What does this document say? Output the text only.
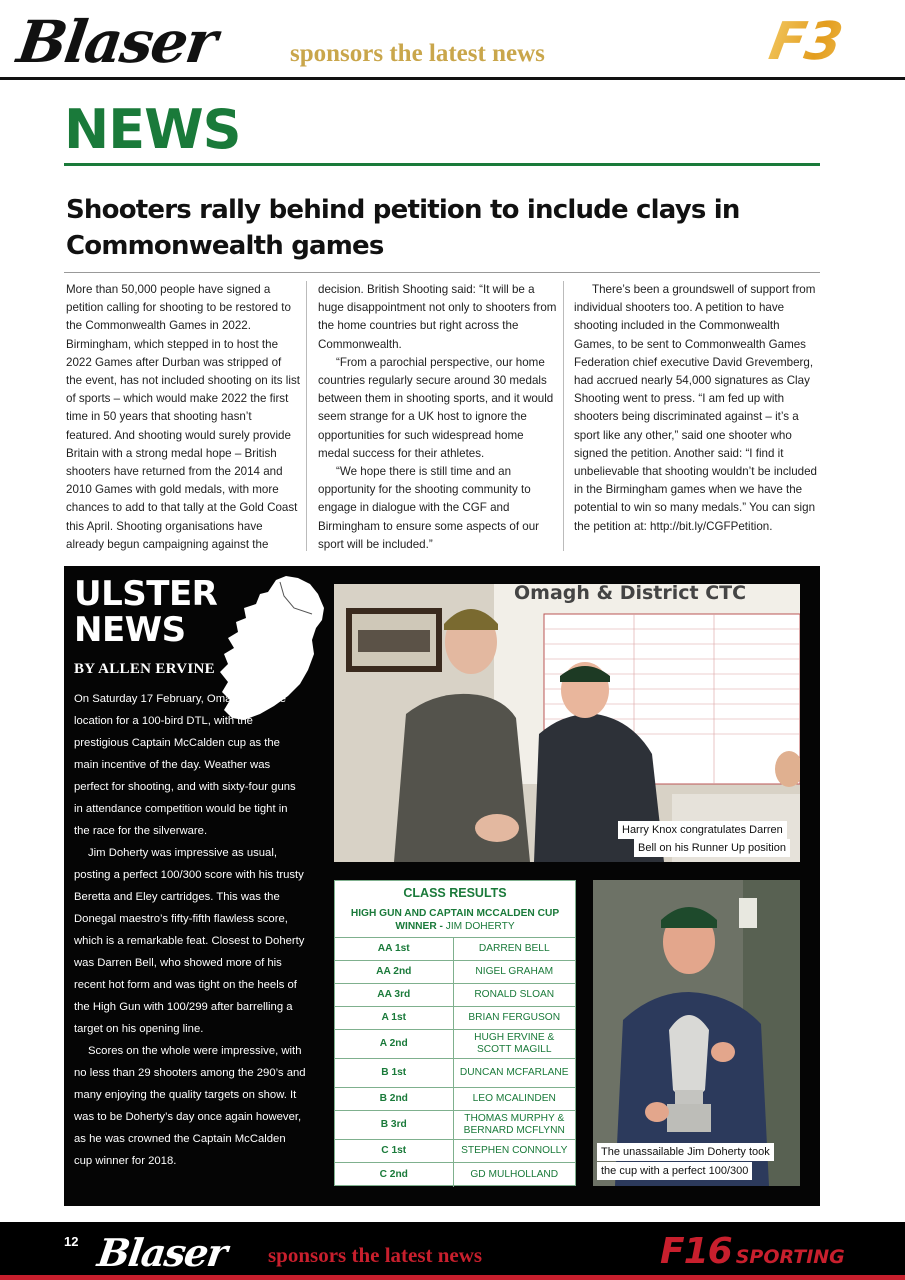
Blaser	sponsors the latest news	F3
NEWS
Shooters rally behind petition to include clays in Commonwealth games

More than 50,000 people have signed a petition calling for shooting to be restored to the Commonwealth Games in 2022. Birmingham, which stepped in to host the 2022 Games after Durban was stripped of the event, has not included shooting on its list of sports – which would make 2022 the first time in 50 years that shooting hasn’t featured. And shooting would surely provide Britain with a strong medal hope – British shooters have returned from the 2014 and 2010 Games with gold medals, with more chances to add to that tally at the Gold Coast this April. Shooting organisations have already begun campaigning against the

decision. British Shooting said: “It will be a huge disappointment not only to shooters from the home countries but right across the Commonwealth.

“From a parochial perspective, our home countries regularly secure around 30 medals between them in shooting sports, and it would seem strange for a UK host to ignore the opportunities for such widespread home medal success for their athletes.

“We hope there is still time and an opportunity for the shooting community to engage in dialogue with the CGF and Birmingham to ensure some aspects of our sport will be included.”

There’s been a groundswell of support from individual shooters too. A petition to have shooting included in the Commonwealth Games, to be sent to Commonwealth Games Federation chief executive David Grevemberg, had accrued nearly 54,000 signatures as Clay Shooting went to press. “I am fed up with shooters being discriminated against – it’s a sport like any other,” said one shooter who signed the petition. Another said: “I find it unbelievable that shooting wouldn’t be included in the Birmingham games when we have the potential to win so many medals.” You can sign the petition at: http://bit.ly/CGFPetition.

ULSTER
NEWS
BY ALLEN ERVINE

On Saturday 17 February, Omagh was the location for a 100-bird DTL, with the prestigious Captain McCalden cup as the main incentive of the day. Weather was perfect for shooting, and with sixty-four guns in attendance competition would be tight in the race for the silverware.

Jim Doherty was impressive as usual, posting a perfect 100/300 score with his trusty Beretta and Eley cartridges. This was the Donegal maestro’s fifty-fifth flawless score, which is a remarkable feat. Closest to Doherty was Darren Bell, who showed more of his recent hot form and was tight on the heels of the High Gun with 100/299 after barrelling a target on his opening line.

Scores on the whole were impressive, with no less than 29 shooters among the 290’s and many enjoying the quality targets on show. It was to be Doherty’s day once again however, as he was crowned the Captain McCalden cup winner for 2018.

Harry Knox congratulates Darren
Bell on his Runner Up position
Omagh & District CTC
CLASS RESULTS
HIGH GUN AND CAPTAIN MCCALDEN CUP WINNER - JIM DOHERTY
AA 1st	DARREN BELL
AA 2nd	NIGEL GRAHAM
AA 3rd	RONALD SLOAN
A 1st	BRIAN FERGUSON
A 2nd	HUGH ERVINE & SCOTT MAGILL
B 1st	DUNCAN MCFARLANE
B 2nd	LEO MCALINDEN
B 3rd	THOMAS MURPHY & BERNARD MCFLYNN
C 1st	STEPHEN CONNOLLY
C 2nd	GD MULHOLLAND
The unassailable Jim Doherty took
the cup with a perfect 100/300
12 Blaser sponsors the latest news	F16 SPORTING
